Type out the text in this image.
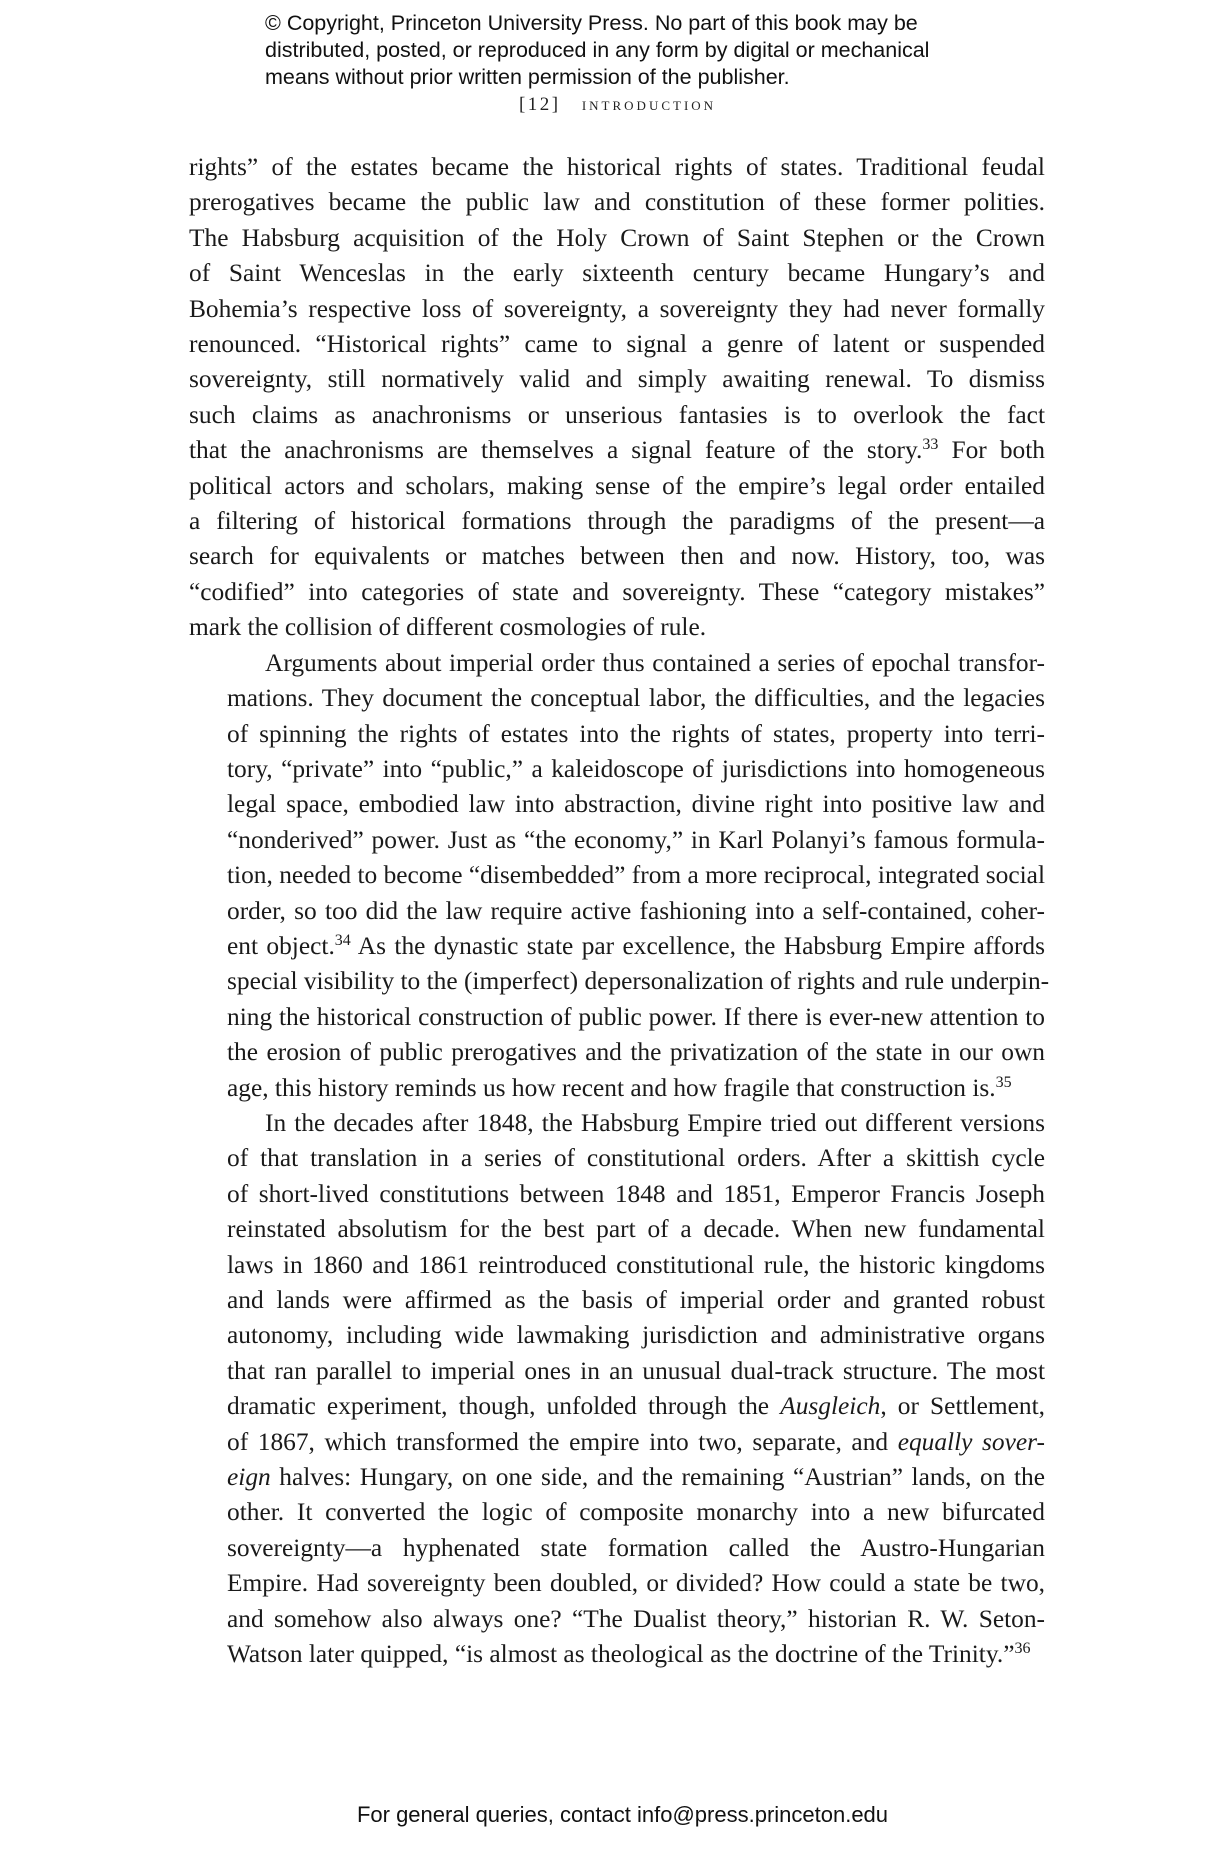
© Copyright, Princeton University Press. No part of this book may be
distributed, posted, or reproduced in any form by digital or mechanical
means without prior written permission of the publisher.
[12] introduction

rights” of the estates became the historical rights of states. Traditional feudal
prerogatives became the public law and constitution of these former polities.
The Habsburg acquisition of the Holy Crown of Saint Stephen or the Crown
of Saint Wenceslas in the early sixteenth century became Hungary’s and
Bohemia’s respective loss of sovereignty, a sovereignty they had never formally
renounced. “Historical rights” came to signal a genre of latent or suspended
sovereignty, still normatively valid and simply awaiting renewal. To dismiss
such claims as anachronisms or unserious fantasies is to overlook the fact
that the anachronisms are themselves a signal feature of the story.$^{33}$ For both
political actors and scholars, making sense of the empire’s legal order entailed
a filtering of historical formations through the paradigms of the present—a
search for equivalents or matches between then and now. History, too, was
“codified” into categories of state and sovereignty. These “category mistakes”
mark the collision of different cosmologies of rule.

Arguments about imperial order thus contained a series of epochal transfor-
mations. They document the conceptual labor, the difficulties, and the legacies
of spinning the rights of estates into the rights of states, property into terri-
tory, “private” into “public,” a kaleidoscope of jurisdictions into homogeneous
legal space, embodied law into abstraction, divine right into positive law and
“nonderived” power. Just as “the economy,” in Karl Polanyi’s famous formula-
tion, needed to become “disembedded” from a more reciprocal, integrated social
order, so too did the law require active fashioning into a self-contained, coher-
ent object.$^{34}$ As the dynastic state par excellence, the Habsburg Empire affords
special visibility to the (imperfect) depersonalization of rights and rule underpin-
ning the historical construction of public power. If there is ever-new attention to
the erosion of public prerogatives and the privatization of the state in our own
age, this history reminds us how recent and how fragile that construction is.$^{35}$

In the decades after 1848, the Habsburg Empire tried out different versions
of that translation in a series of constitutional orders. After a skittish cycle
of short-lived constitutions between 1848 and 1851, Emperor Francis Joseph
reinstated absolutism for the best part of a decade. When new fundamental
laws in 1860 and 1861 reintroduced constitutional rule, the historic kingdoms
and lands were affirmed as the basis of imperial order and granted robust
autonomy, including wide lawmaking jurisdiction and administrative organs
that ran parallel to imperial ones in an unusual dual-track structure. The most
dramatic experiment, though, unfolded through the Ausgleich, or Settlement,
of 1867, which transformed the empire into two, separate, and equally sover-
eign halves: Hungary, on one side, and the remaining “Austrian” lands, on the
other. It converted the logic of composite monarchy into a new bifurcated
sovereignty—a hyphenated state formation called the Austro-Hungarian
Empire. Had sovereignty been doubled, or divided? How could a state be two,
and somehow also always one? “The Dualist theory,” historian R. W. Seton-
Watson later quipped, “is almost as theological as the doctrine of the Trinity.”$^{36}$

For general queries, contact info@press.princeton.edu
